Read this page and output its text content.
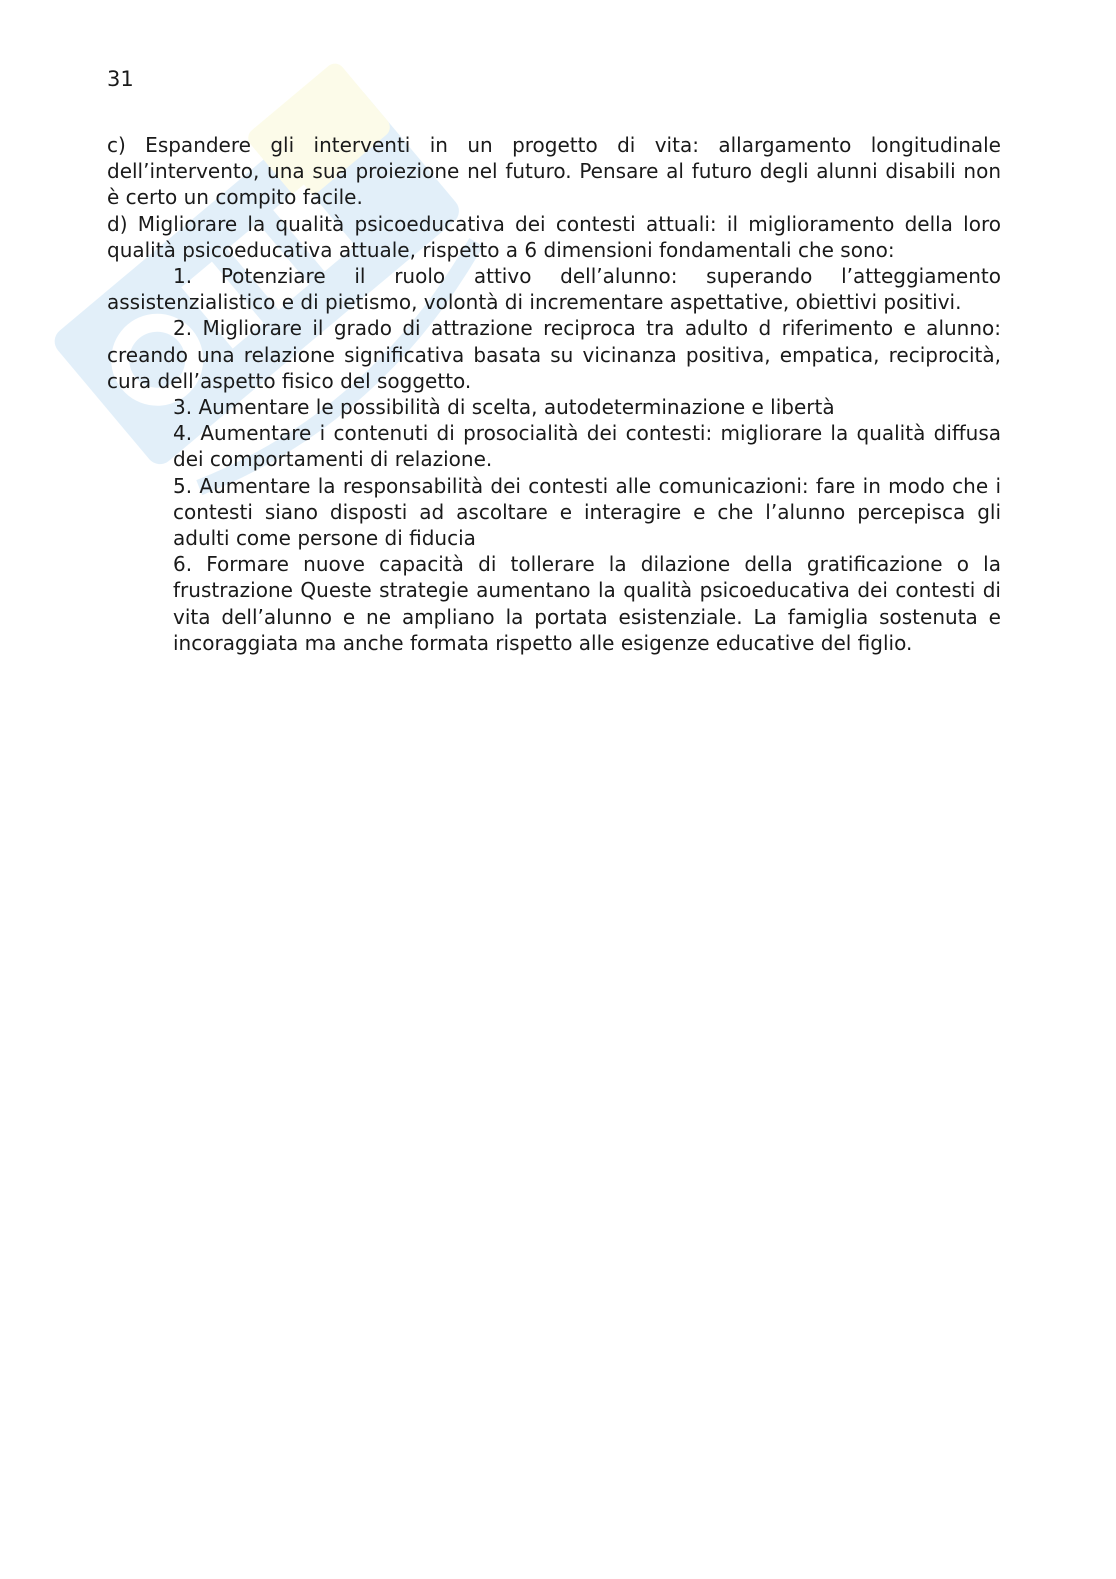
31

c) Espandere gli interventi in un progetto di vita: allargamento longitudinale dell’intervento, una sua proiezione nel futuro. Pensare al futuro degli alunni disabili non è certo un compito facile.

d) Migliorare la qualità psicoeducativa dei contesti attuali: il miglioramento della loro qualità psicoeducativa attuale, rispetto a 6 dimensioni fondamentali che sono:

1. Potenziare il ruolo attivo dell’alunno: superando l’atteggiamento assistenzialistico e di pietismo, volontà di incrementare aspettative, obiettivi positivi.

2. Migliorare il grado di attrazione reciproca tra adulto d riferimento e alunno: creando una relazione significativa basata su vicinanza positiva, empatica, reciprocità, cura dell’aspetto fisico del soggetto.

3. Aumentare le possibilità di scelta, autodeterminazione e libertà

4. Aumentare i contenuti di prosocialità dei contesti: migliorare la qualità diffusa dei comportamenti di relazione.

5. Aumentare la responsabilità dei contesti alle comunicazioni: fare in modo che i contesti siano disposti ad ascoltare e interagire e che l’alunno percepisca gli adulti come persone di fiducia

6. Formare nuove capacità di tollerare la dilazione della gratificazione o la frustrazione Queste strategie aumentano la qualità psicoeducativa dei contesti di vita dell’alunno e ne ampliano la portata esistenziale. La famiglia sostenuta e incoraggiata ma anche formata rispetto alle esigenze educative del figlio.
